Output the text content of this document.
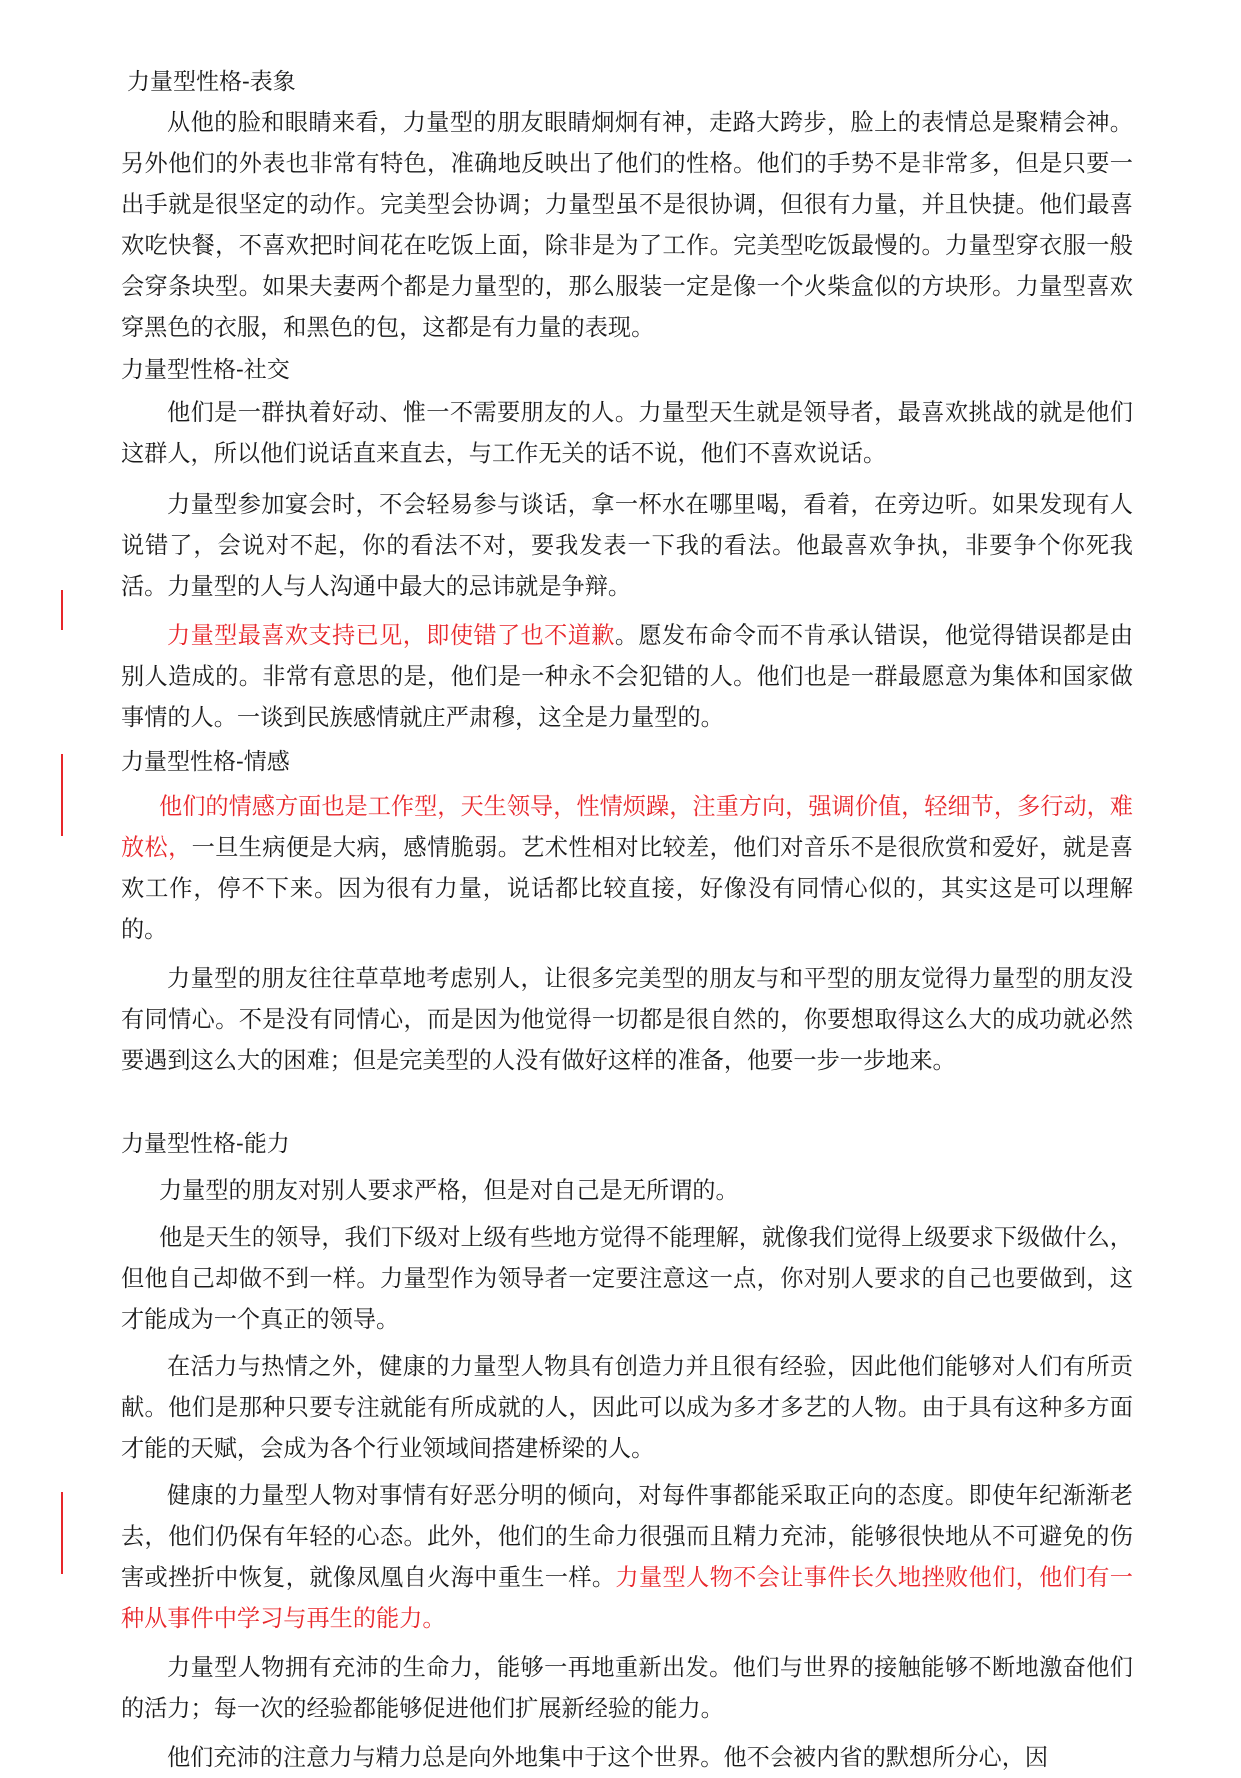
力量型性格-表象

从他的脸和眼睛来看，力量型的朋友眼睛炯炯有神，走路大跨步，脸上的表情总是聚精会神。另外他们的外表也非常有特色，准确地反映出了他们的性格。他们的手势不是非常多，但是只要一出手就是很坚定的动作。完美型会协调；力量型虽不是很协调，但很有力量，并且快捷。他们最喜欢吃快餐，不喜欢把时间花在吃饭上面，除非是为了工作。完美型吃饭最慢的。力量型穿衣服一般会穿条块型。如果夫妻两个都是力量型的，那么服装一定是像一个火柴盒似的方块形。力量型喜欢穿黑色的衣服，和黑色的包，这都是有力量的表现。

力量型性格-社交

他们是一群执着好动、惟一不需要朋友的人。力量型天生就是领导者，最喜欢挑战的就是他们这群人，所以他们说话直来直去，与工作无关的话不说，他们不喜欢说话。

力量型参加宴会时，不会轻易参与谈话，拿一杯水在哪里喝，看着，在旁边听。如果发现有人说错了，会说对不起，你的看法不对，要我发表一下我的看法。他最喜欢争执，非要争个你死我活。力量型的人与人沟通中最大的忌讳就是争辩。

力量型最喜欢支持已见，即使错了也不道歉。愿发布命令而不肯承认错误，他觉得错误都是由别人造成的。非常有意思的是，他们是一种永不会犯错的人。他们也是一群最愿意为集体和国家做事情的人。一谈到民族感情就庄严肃穆，这全是力量型的。

力量型性格-情感

他们的情感方面也是工作型，天生领导，性情烦躁，注重方向，强调价值，轻细节，多行动，难放松，一旦生病便是大病，感情脆弱。艺术性相对比较差，他们对音乐不是很欣赏和爱好，就是喜欢工作，停不下来。因为很有力量，说话都比较直接，好像没有同情心似的，其实这是可以理解的。

力量型的朋友往往草草地考虑别人，让很多完美型的朋友与和平型的朋友觉得力量型的朋友没有同情心。不是没有同情心，而是因为他觉得一切都是很自然的，你要想取得这么大的成功就必然要遇到这么大的困难；但是完美型的人没有做好这样的准备，他要一步一步地来。

力量型性格-能力

力量型的朋友对别人要求严格，但是对自己是无所谓的。

他是天生的领导，我们下级对上级有些地方觉得不能理解，就像我们觉得上级要求下级做什么，但他自己却做不到一样。力量型作为领导者一定要注意这一点，你对别人要求的自己也要做到，这才能成为一个真正的领导。

在活力与热情之外，健康的力量型人物具有创造力并且很有经验，因此他们能够对人们有所贡献。他们是那种只要专注就能有所成就的人，因此可以成为多才多艺的人物。由于具有这种多方面才能的天赋，会成为各个行业领域间搭建桥梁的人。

健康的力量型人物对事情有好恶分明的倾向，对每件事都能采取正向的态度。即使年纪渐渐老去，他们仍保有年轻的心态。此外，他们的生命力很强而且精力充沛，能够很快地从不可避免的伤害或挫折中恢复，就像凤凰自火海中重生一样。力量型人物不会让事件长久地挫败他们，他们有一种从事件中学习与再生的能力。

力量型人物拥有充沛的生命力，能够一再地重新出发。他们与世界的接触能够不断地激奋他们的活力；每一次的经验都能够促进他们扩展新经验的能力。

他们充沛的注意力与精力总是向外地集中于这个世界。他不会被内省的默想所分心，因
